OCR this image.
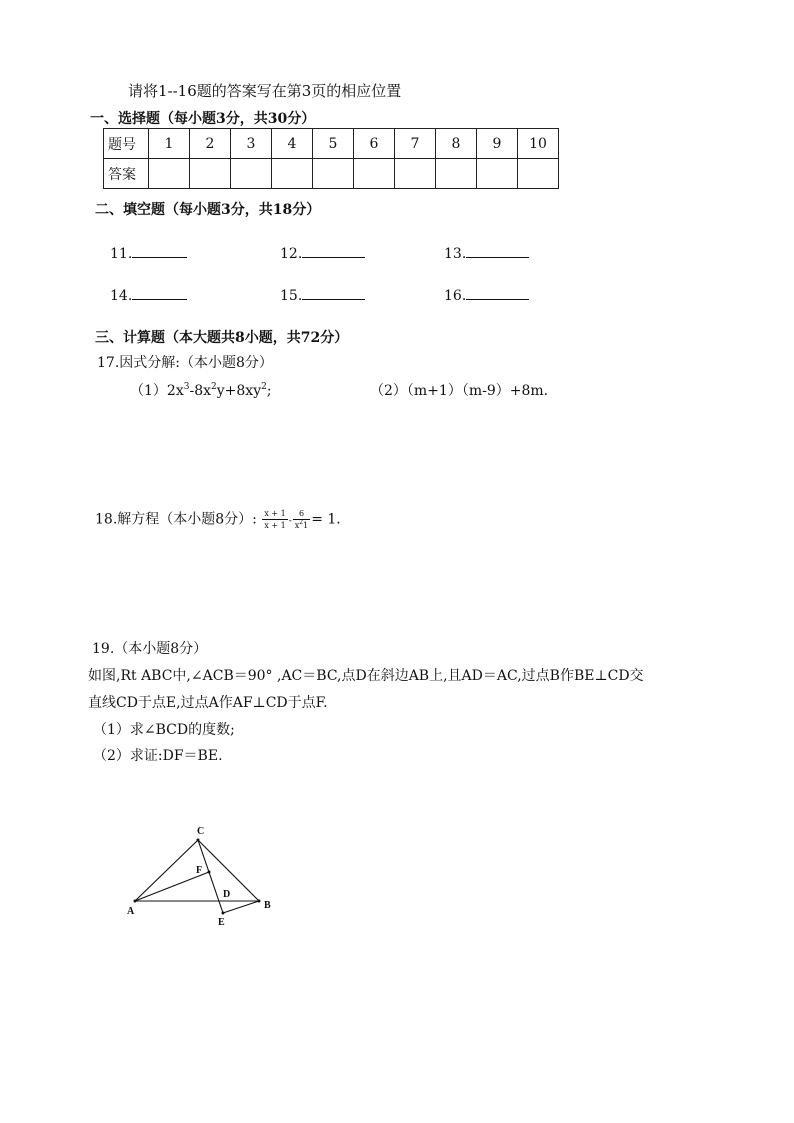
请将1--16题的答案写在第3页的相应位置
一、选择题（每小题3分，共30分）
题号	1	2	3	4	5	6	7	8	9	10
答案										
二、填空题（每小题3分，共18分）
11.	12.	13.
14.	15.	16.
三、计算题（本大题共8小题，共72分）
17.因式分解:（本小题8分）
$(1)2x^3-8x^2y+8xy^2$;	（2）（m+1）（m-9）+8m.
18.解方程（本小题8分）: $\frac{x + 1}{x + 1} - \frac{6}{x^21} = 1$.
19.（本小题8分）
如图,Rt ABC中,∠ACB＝90° ,AC＝BC,点D在斜边AB上,且AD＝AC,过点B作BE⊥CD交
直线CD于点E,过点A作AF⊥CD于点F.
（1）求∠BCD的度数;
（2）求证:DF＝BE.
C
F
D
A
B
E
